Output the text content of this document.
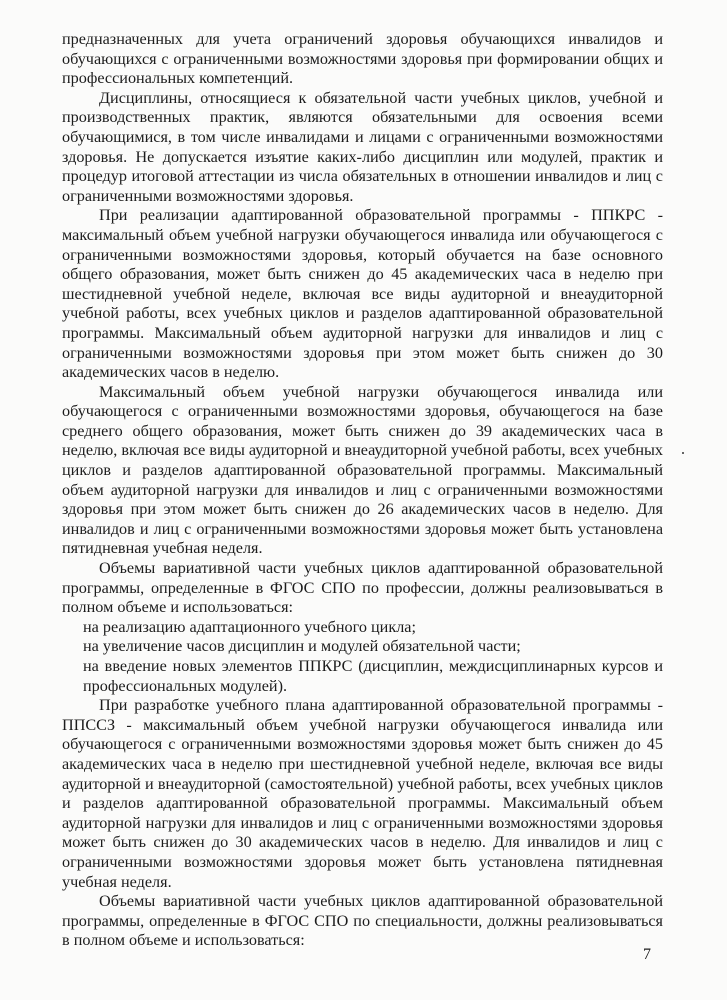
предназначенных для учета ограничений здоровья обучающихся инвалидов и обучающихся с ограниченными возможностями здоровья при формировании общих и профессиональных компетенций.

Дисциплины, относящиеся к обязательной части учебных циклов, учебной и производственных практик, являются обязательными для освоения всеми обучающимися, в том числе инвалидами и лицами с ограниченными возможностями здоровья. Не допускается изъятие каких-либо дисциплин или модулей, практик и процедур итоговой аттестации из числа обязательных в отношении инвалидов и лиц с ограниченными возможностями здоровья.

При реализации адаптированной образовательной программы - ППКРС - максимальный объем учебной нагрузки обучающегося инвалида или обучающегося с ограниченными возможностями здоровья, который обучается на базе основного общего образования, может быть снижен до 45 академических часа в неделю при шестидневной учебной неделе, включая все виды аудиторной и внеаудиторной учебной работы, всех учебных циклов и разделов адаптированной образовательной программы. Максимальный объем аудиторной нагрузки для инвалидов и лиц с ограниченными возможностями здоровья при этом может быть снижен до 30 академических часов в неделю.

Максимальный объем учебной нагрузки обучающегося инвалида или обучающегося с ограниченными возможностями здоровья, обучающегося на базе среднего общего образования, может быть снижен до 39 академических часа в неделю, включая все виды аудиторной и внеаудиторной учебной работы, всех учебных циклов и разделов адаптированной образовательной программы. Максимальный объем аудиторной нагрузки для инвалидов и лиц с ограниченными возможностями здоровья при этом может быть снижен до 26 академических часов в неделю. Для инвалидов и лиц с ограниченными возможностями здоровья может быть установлена пятидневная учебная неделя.

Объемы вариативной части учебных циклов адаптированной образовательной программы, определенные в ФГОС СПО по профессии, должны реализовываться в полном объеме и использоваться:

на реализацию адаптационного учебного цикла;

на увеличение часов дисциплин и модулей обязательной части;

на введение новых элементов ППКРС (дисциплин, междисциплинарных курсов и профессиональных модулей).

При разработке учебного плана адаптированной образовательной программы - ППССЗ - максимальный объем учебной нагрузки обучающегося инвалида или обучающегося с ограниченными возможностями здоровья может быть снижен до 45 академических часа в неделю при шестидневной учебной неделе, включая все виды аудиторной и внеаудиторной (самостоятельной) учебной работы, всех учебных циклов и разделов адаптированной образовательной программы. Максимальный объем аудиторной нагрузки для инвалидов и лиц с ограниченными возможностями здоровья может быть снижен до 30 академических часов в неделю. Для инвалидов и лиц с ограниченными возможностями здоровья может быть установлена пятидневная учебная неделя.

Объемы вариативной части учебных циклов адаптированной образовательной программы, определенные в ФГОС СПО по специальности, должны реализовываться в полном объеме и использоваться:

7
